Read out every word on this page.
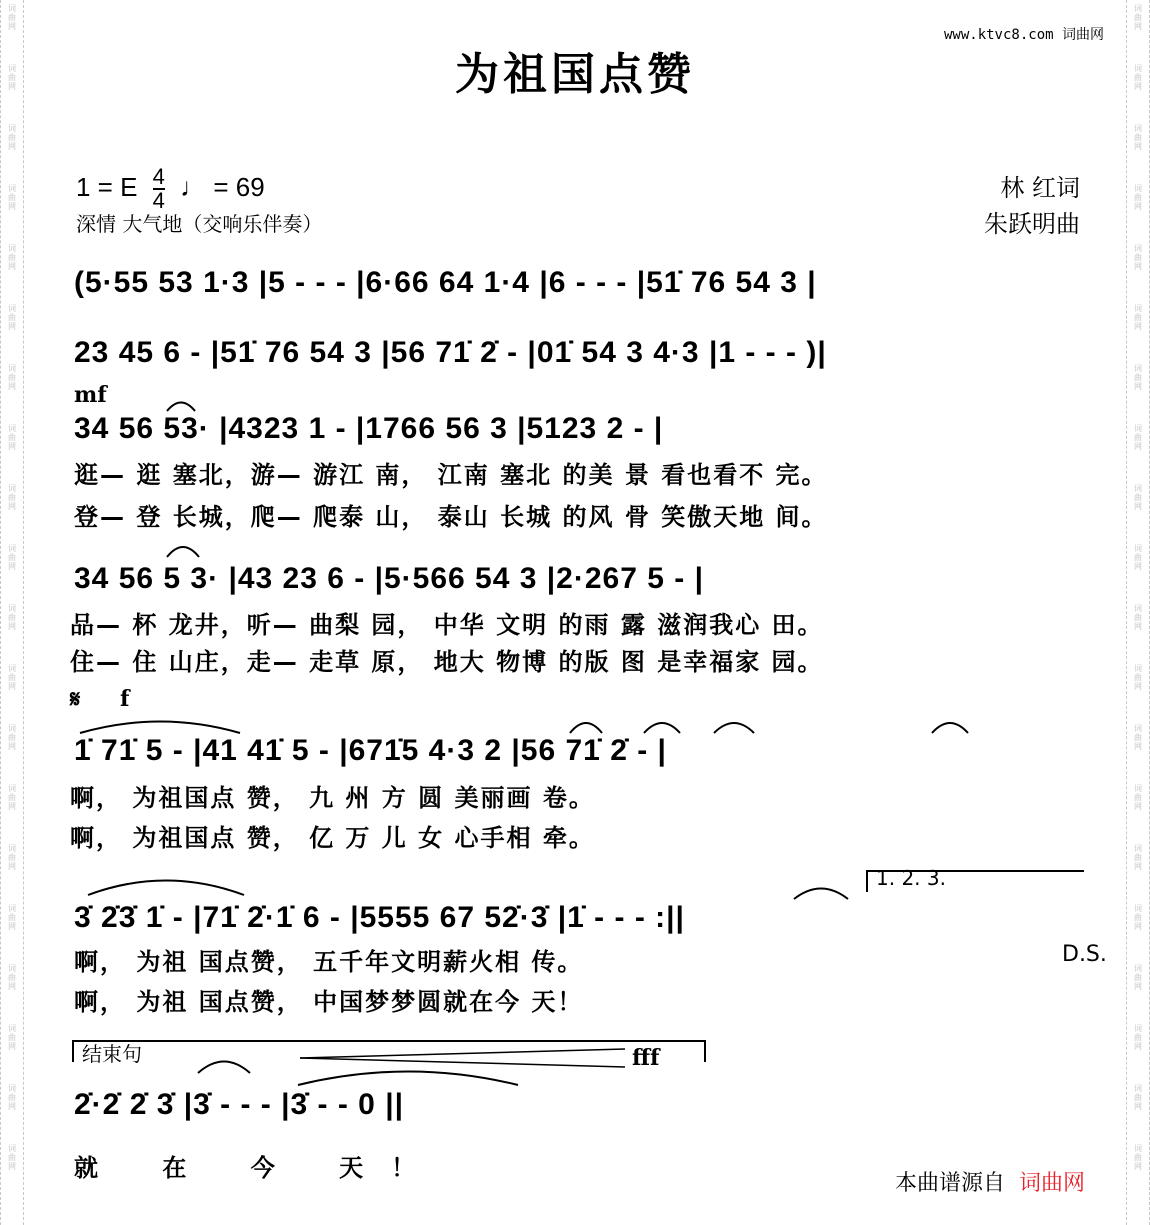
词
曲
网
词
曲
网
词
曲
网
词
曲
网
词
曲
网
词
曲
网
词
曲
网
词
曲
网
词
曲
网
词
曲
网
词
曲
网
词
曲
网
词
曲
网
词
曲
网
词
曲
网
词
曲
网
词
曲
网
词
曲
网
词
曲
网
词
曲
网
词
曲
网
词
曲
网
词
曲
网
词
曲
网
词
曲
网
词
曲
网
词
曲
网
词
曲
网
词
曲
网
词
曲
网
词
曲
网
词
曲
网
词
曲
网
词
曲
网
词
曲
网
词
曲
网
词
曲
网
词
曲
网
词
曲
网
词
曲
网
www.ktvc8.com 词曲网
为祖国点赞
1 = E $\frac{4}{4}$ ♩ = 69
深情 大气地（交响乐伴奏）
林 红词
朱跃明曲
(5·55 53 1·3 |5 - - - |6·66 64 1·4 |6 - - - |51̇ 76 54 3 |
23 45 6 - |51̇ 76 54 3 |56 71̇ 2̇ - |01̇ 54 3 4·3 |1 - - - )|
mf
34 56 53· |4323 1 - |1766 56 3 |5123 2 - |
逛— 逛 塞北，游— 游江 南， 江南 塞北 的美 景 看也看不 完。
登— 登 长城，爬— 爬泰 山， 泰山 长城 的风 骨 笑傲天地 间。
34 56 5 3· |43 23 6 - |5·566 54 3 |2·267 5 - |
品— 杯 龙井，听— 曲梨 园， 中华 文明 的雨 露 滋润我心 田。
住— 住 山庄，走— 走草 原， 地大 物博 的版 图 是幸福家 园。
𝄋 f
1̇ 71̇ 5 - |41 41̇ 5 - |671̇5 4·3 2 |56 71̇ 2̇ - |
啊， 为祖国点 赞， 九 州 方 圆 美丽画 卷。
啊， 为祖国点 赞， 亿 万 儿 女 心手相 牵。
1. 2. 3.
3̇ 2̇3̇ 1̇ - |71̇ 2̇·1̇ 6 - |5555 67 52̇·3̇ |1̇ - - - :||
D.S.
啊， 为祖 国点赞， 五千年文明薪火相 传。
啊， 为祖 国点赞， 中国梦梦圆就在今 天！
结束句	fff
2̇·2̇ 2̇ 3̇ |3̇ - - - |3̇ - - 0 ||
就 在 今 天！
本曲谱源自 词曲网
